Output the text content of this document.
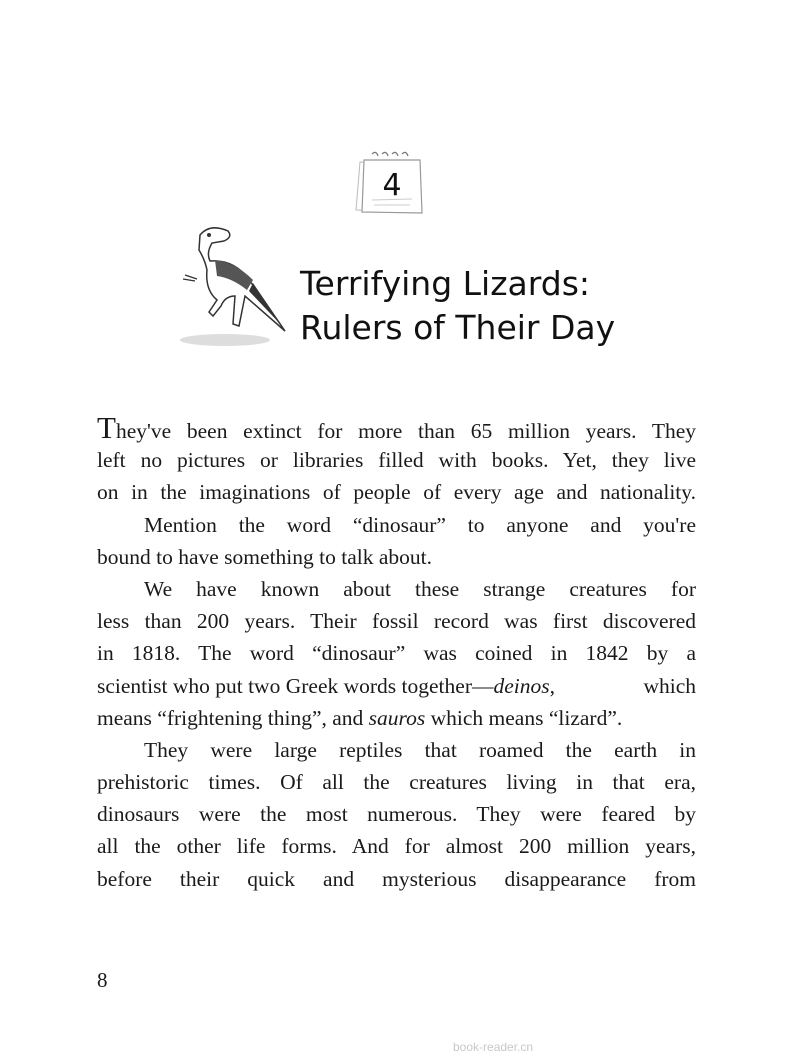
4
Terrifying Lizards:
Rulers of Their Day
They've been extinct for more than 65 million years. They
left no pictures or libraries filled with books. Yet, they live
on in the imaginations of people of every age and nationality.
Mention the word “dinosaur” to anyone and you're
bound to have something to talk about.
We have known about these strange creatures for
less than 200 years. Their fossil record was first discovered
in 1818. The word “dinosaur” was coined in 1842 by a
scientist who put two Greek words together— deinos, which
means “frightening thing”, and sauros which means “lizard”.
They were large reptiles that roamed the earth in
prehistoric times. Of all the creatures living in that era,
dinosaurs were the most numerous. They were feared by
all the other life forms. And for almost 200 million years,
before their quick and mysterious disappearance from
8
book-reader.cn
